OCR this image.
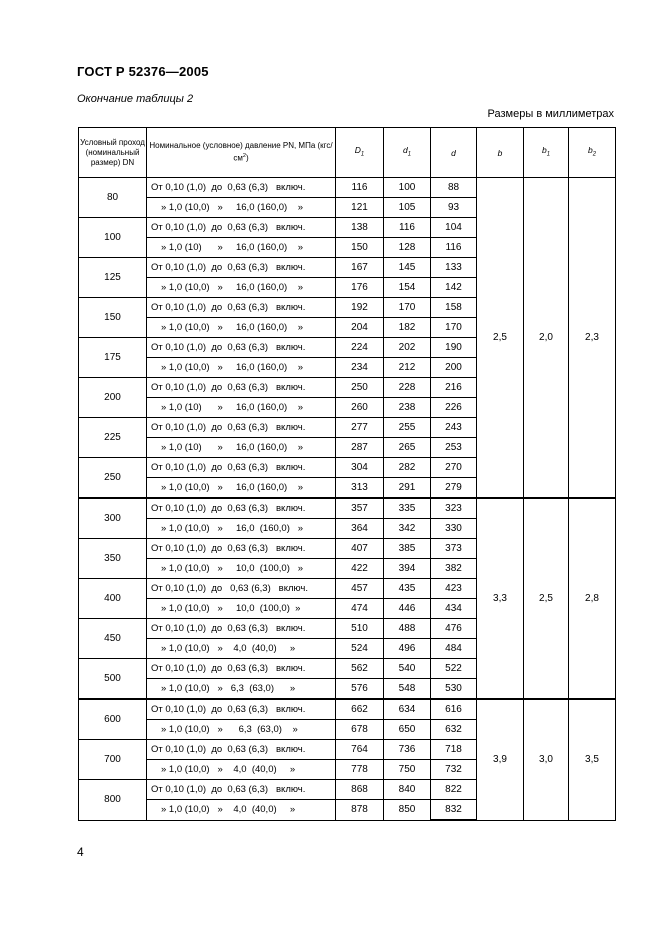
ГОСТ Р 52376—2005
Окончание таблицы 2
Размеры в миллиметрах
Условный проход (номинальный размер) DN	Номинальное (условное) давление PN, МПа $(кгс/см^2)$	$D_1$	$d_1$	d	b	$b_1$	$b_2$
80	От 0,10 (1,0)  до  0,63 (6,3)   включ.	116	100	88	2,5	2,0	2,3
	» 1,0 (10,0)   »     16,0 (160,0)    »	121	105	93			
100	От 0,10 (1,0)  до  0,63 (6,3)   включ.	138	116	104			
	» 1,0 (10)      »     16,0 (160,0)    »	150	128	116			
125	От 0,10 (1,0)  до  0,63 (6,3)   включ.	167	145	133			
	» 1,0 (10,0)   »     16,0 (160,0)    »	176	154	142			
150	От 0,10 (1,0)  до  0,63 (6,3)   включ.	192	170	158			
	» 1,0 (10,0)   »     16,0 (160,0)    »	204	182	170			
175	От 0,10 (1,0)  до  0,63 (6,3)   включ.	224	202	190			
	» 1,0 (10,0)   »     16,0 (160,0)    »	234	212	200			
200	От 0,10 (1,0)  до  0,63 (6,3)   включ.	250	228	216			
	» 1,0 (10)      »     16,0 (160,0)    »	260	238	226			
225	От 0,10 (1,0)  до  0,63 (6,3)   включ.	277	255	243			
	» 1,0 (10)      »     16,0 (160,0)    »	287	265	253			
250	От 0,10 (1,0)  до  0,63 (6,3)   включ.	304	282	270			
	» 1,0 (10,0)   »     16,0 (160,0)    »	313	291	279			
300	От 0,10 (1,0)  до  0,63 (6,3)   включ.	357	335	323	3,3	2,5	2,8
	» 1,0 (10,0)   »     16,0  (160,0)   »	364	342	330			
350	От 0,10 (1,0)  до  0,63 (6,3)   включ.	407	385	373			
	» 1,0 (10,0)   »     10,0  (100,0)   »	422	394	382			
400	От 0,10 (1,0)  до   0,63 (6,3)   включ.	457	435	423			
	» 1,0 (10,0)   »     10,0  (100,0)  »	474	446	434			
450	От 0,10 (1,0)  до  0,63 (6,3)   включ.	510	488	476			
	» 1,0 (10,0)   »    4,0  (40,0)     »	524	496	484			
500	От 0,10 (1,0)  до  0,63 (6,3)   включ.	562	540	522			
	» 1,0 (10,0)   »   6,3  (63,0)      »	576	548	530			
600	От 0,10 (1,0)  до  0,63 (6,3)   включ.	662	634	616	3,9	3,0	3,5
	» 1,0 (10,0)   »      6,3  (63,0)    »	678	650	632			
700	От 0,10 (1,0)  до  0,63 (6,3)   включ.	764	736	718			
	» 1,0 (10,0)   »    4,0  (40,0)     »	778	750	732			
800	От 0,10 (1,0)  до  0,63 (6,3)   включ.	868	840	822			
	» 1,0 (10,0)   »    4,0  (40,0)     »	878	850	832			
4
